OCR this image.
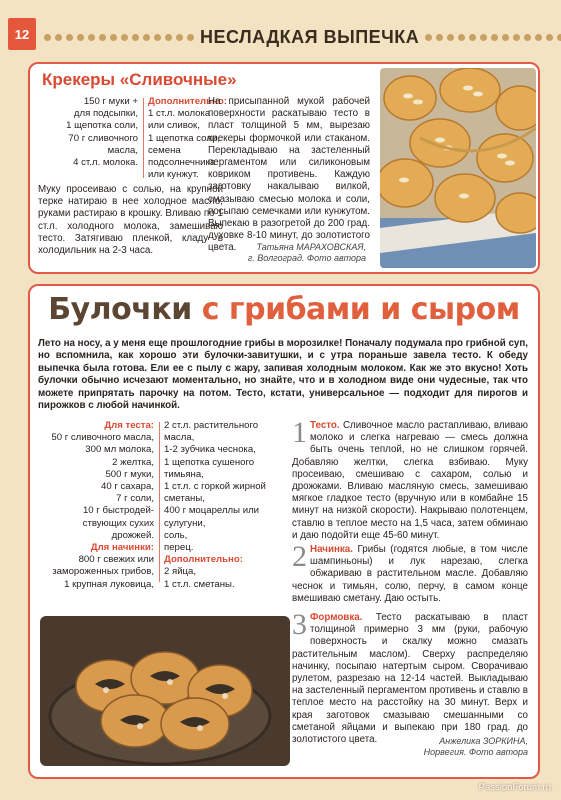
12	НЕСЛАДКАЯ ВЫПЕЧКА
Крекеры «Сливочные»
150 г муки +
для подсыпки,
1 щепотка соли,
70 г сливочного
масла,
4 ст.л. молока.
Дополнительно:
1 ст.л. молока
или сливок,
1 щепотка соли,
семена
подсолнечника
или кунжут.
Муку просеиваю с солью, на крупной терке натираю в нее холодное масло, руками растираю в крошку. Вливаю по 1 ст.л. холодного молока, замешиваю тесто. Затягиваю пленкой, кладу в холодильник на 2-3 часа.
На присыпанной мукой рабочей поверхности раскатываю тесто в пласт толщиной 5 мм, вырезаю крекеры формочкой или стаканом. Перекладываю на застеленный пергаментом или силиконовым ковриком противень. Каждую заготовку накалываю вилкой, смазываю смесью молока и соли, посыпаю семечками или кунжутом. Выпекаю в разогретой до 200 град. духовке 8-10 минут, до золотистого цвета.	Татьяна МАРАХОВСКАЯ,
г. Волгоград. Фото автора
Булочки с грибами и сыром
Лето на носу, а у меня еще прошлогодние грибы в морозилке! Поначалу подумала про грибной суп, но вспомнила, как хорошо эти булочки-завитушки, и с утра пораньше завела тесто. К обеду выпечка была готова. Ели ее с пылу с жару, запивая холодным молоком. Как же это вкусно! Хоть булочки обычно исчезают моментально, но знайте, что и в холодном виде они чудесные, так что можете припрятать парочку на потом. Тесто, кстати, универсальное — подходит для пирогов и пирожков с любой начинкой.
Для теста:
50 г сливочного масла,
300 мл молока,
2 желтка,
500 г муки,
40 г сахара,
7 г соли,
10 г быстродей-
ствующих сухих
дрожжей.
Для начинки:
800 г свежих или
замороженных грибов,
1 крупная луковица,
2 ст.л. растительного
масла,
1-2 зубчика чеснока,
1 щепотка сушеного
тимьяна,
1 ст.л. с горкой жирной
сметаны,
400 г моцареллы или
сулугуни,
соль,
перец.
Дополнительно:
2 яйца,
1 ст.л. сметаны.
1 Тесто. Сливочное масло растапливаю, вливаю молоко и слегка нагреваю — смесь должна быть очень теплой, но не слишком горячей. Добавляю желтки, слегка взбиваю. Муку просеиваю, смешиваю с сахаром, солью и дрожжами. Вливаю масляную смесь, замешиваю мягкое гладкое тесто (вручную или в комбайне 15 минут на низкой скорости). Накрываю полотенцем, ставлю в теплое место на 1,5 часа, затем обминаю и даю подойти еще 45-60 минут.
2 Начинка. Грибы (годятся любые, в том числе шампиньоны) и лук нарезаю, слегка обжариваю в растительном масле. Добавляю чеснок и тимьян, солю, перчу, в самом конце вмешиваю сметану. Даю остыть.
3 Формовка. Тесто раскатываю в пласт толщиной примерно 3 мм (руки, рабочую поверхность и скалку можно смазать растительным маслом). Сверху распределяю начинку, посыпаю натертым сыром. Сворачиваю рулетом, разрезаю на 12-14 частей. Выкладываю на застеленный пергаментом противень и ставлю в теплое место на расстойку на 30 минут. Верх и края заготовок смазываю смешанными со сметаной яйцами и выпекаю при 180 град. до золотистого цвета.	Анжелика ЗОРКИНА,
Норвегия. Фото автора
PassionForum.ru
